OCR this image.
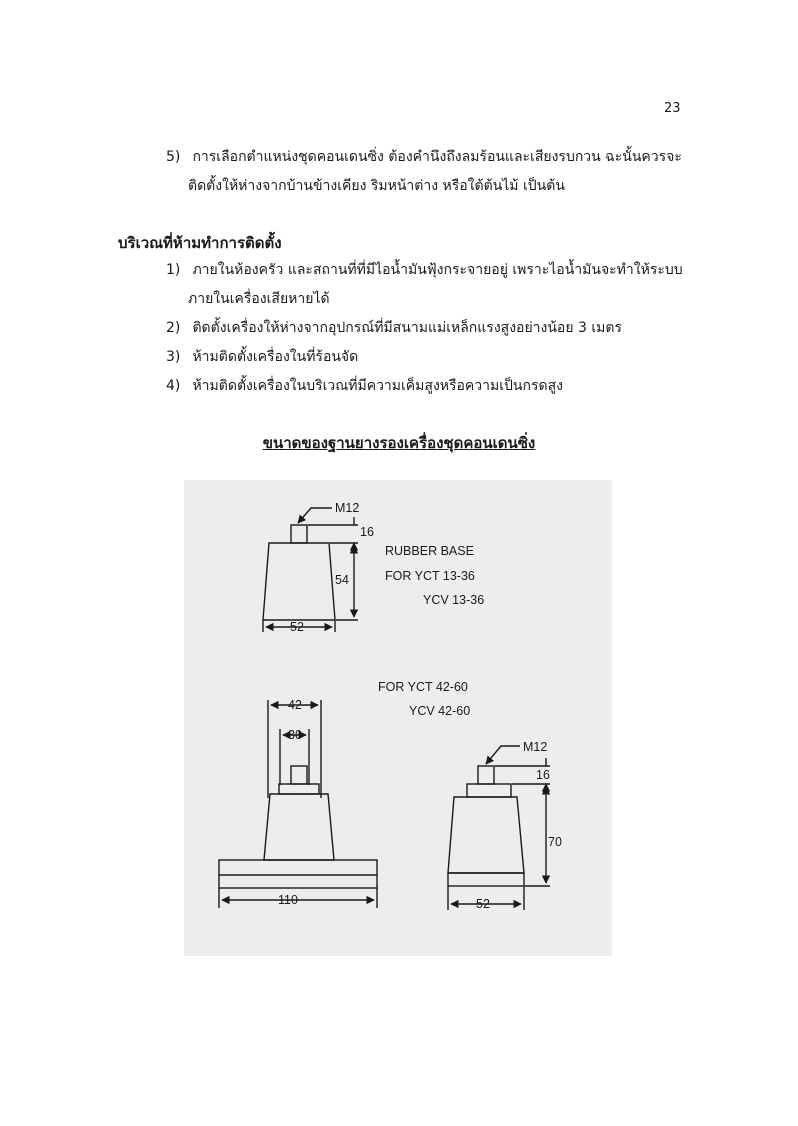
23
5) การเลือกตำแหน่งชุดคอนเดนซิ่ง ต้องคำนึงถึงลมร้อนและเสียงรบกวน ฉะนั้นควรจะ
ติดตั้งให้ห่างจากบ้านข้างเคียง ริมหน้าต่าง หรือใต้ต้นไม้ เป็นต้น
บริเวณที่ห้ามทำการติดตั้ง
1) ภายในห้องครัว และสถานที่ที่มีไอน้ำมันฟุ้งกระจายอยู่ เพราะไอน้ำมันจะทำให้ระบบ
ภายในเครื่องเสียหายได้
2) ติดตั้งเครื่องให้ห่างจากอุปกรณ์ที่มีสนามแม่เหล็กแรงสูงอย่างน้อย 3 เมตร
3) ห้ามติดตั้งเครื่องในที่ร้อนจัด
4) ห้ามติดตั้งเครื่องในบริเวณที่มีความเค็มสูงหรือความเป็นกรดสูง
ขนาดของฐานยางรองเครื่องชุดคอนเดนซิ่ง
M12
16
54
52
RUBBER BASE
FOR YCT 13-36
YCV 13-36
FOR YCT 42-60
YCV 42-60
42
30
110
M12
16
70
52
